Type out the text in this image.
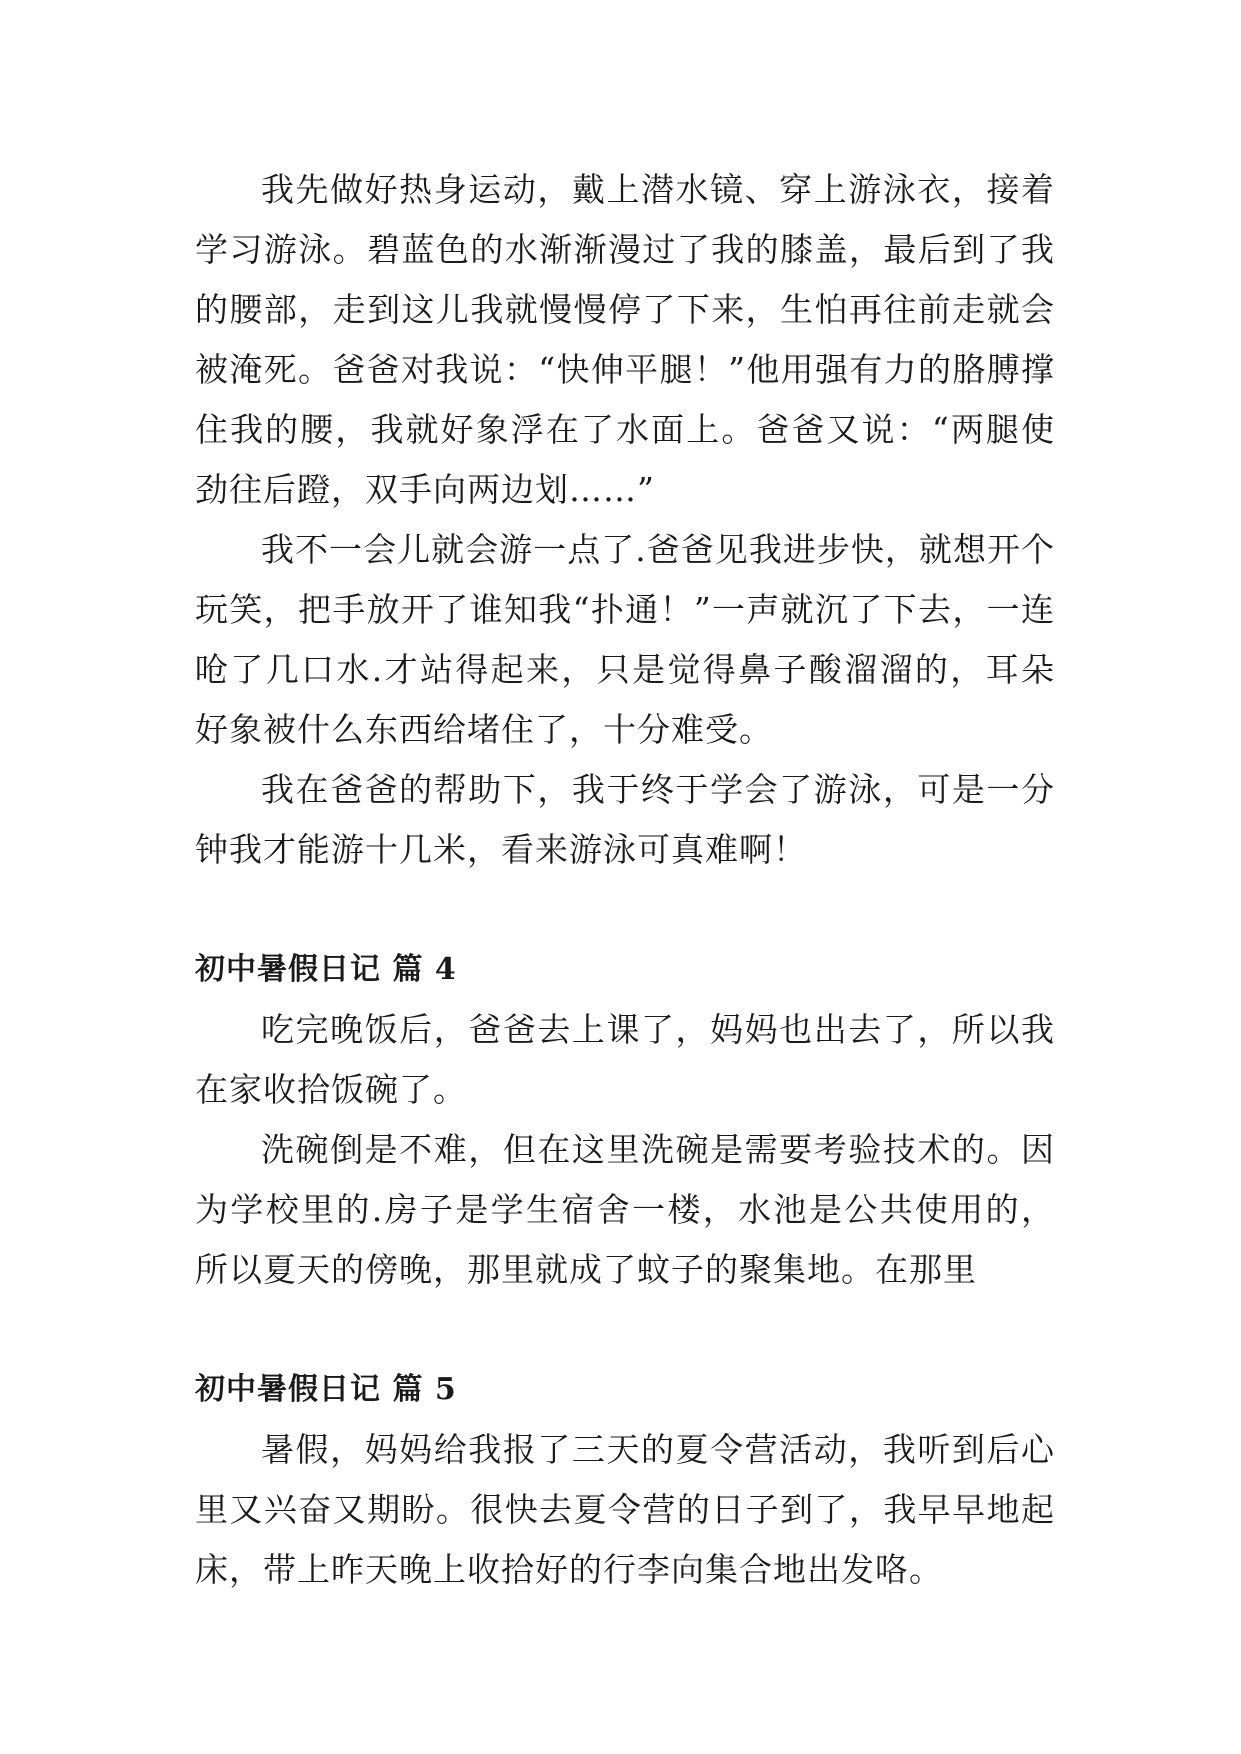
我先做好热身运动，戴上潜水镜、穿上游泳衣，接着学习游泳。碧蓝色的水渐渐漫过了我的膝盖，最后到了我的腰部，走到这儿我就慢慢停了下来，生怕再往前走就会被淹死。爸爸对我说：“快伸平腿！”他用强有力的胳膊撑住我的腰，我就好象浮在了水面上。爸爸又说：“两腿使劲往后蹬，双手向两边划……”

我不一会儿就会游一点了.爸爸见我进步快，就想开个玩笑，把手放开了谁知我“扑通！”一声就沉了下去，一连呛了几口水.才站得起来，只是觉得鼻子酸溜溜的，耳朵好象被什么东西给堵住了，十分难受。

我在爸爸的帮助下，我于终于学会了游泳，可是一分钟我才能游十几米，看来游泳可真难啊！

初中暑假日记 篇 4

吃完晚饭后，爸爸去上课了，妈妈也出去了，所以我在家收拾饭碗了。

洗碗倒是不难，但在这里洗碗是需要考验技术的。因为学校里的.房子是学生宿舍一楼，水池是公共使用的，所以夏天的傍晚，那里就成了蚊子的聚集地。在那里

初中暑假日记 篇 5

暑假，妈妈给我报了三天的夏令营活动，我听到后心里又兴奋又期盼。很快去夏令营的日子到了，我早早地起床，带上昨天晚上收拾好的行李向集合地出发咯。
